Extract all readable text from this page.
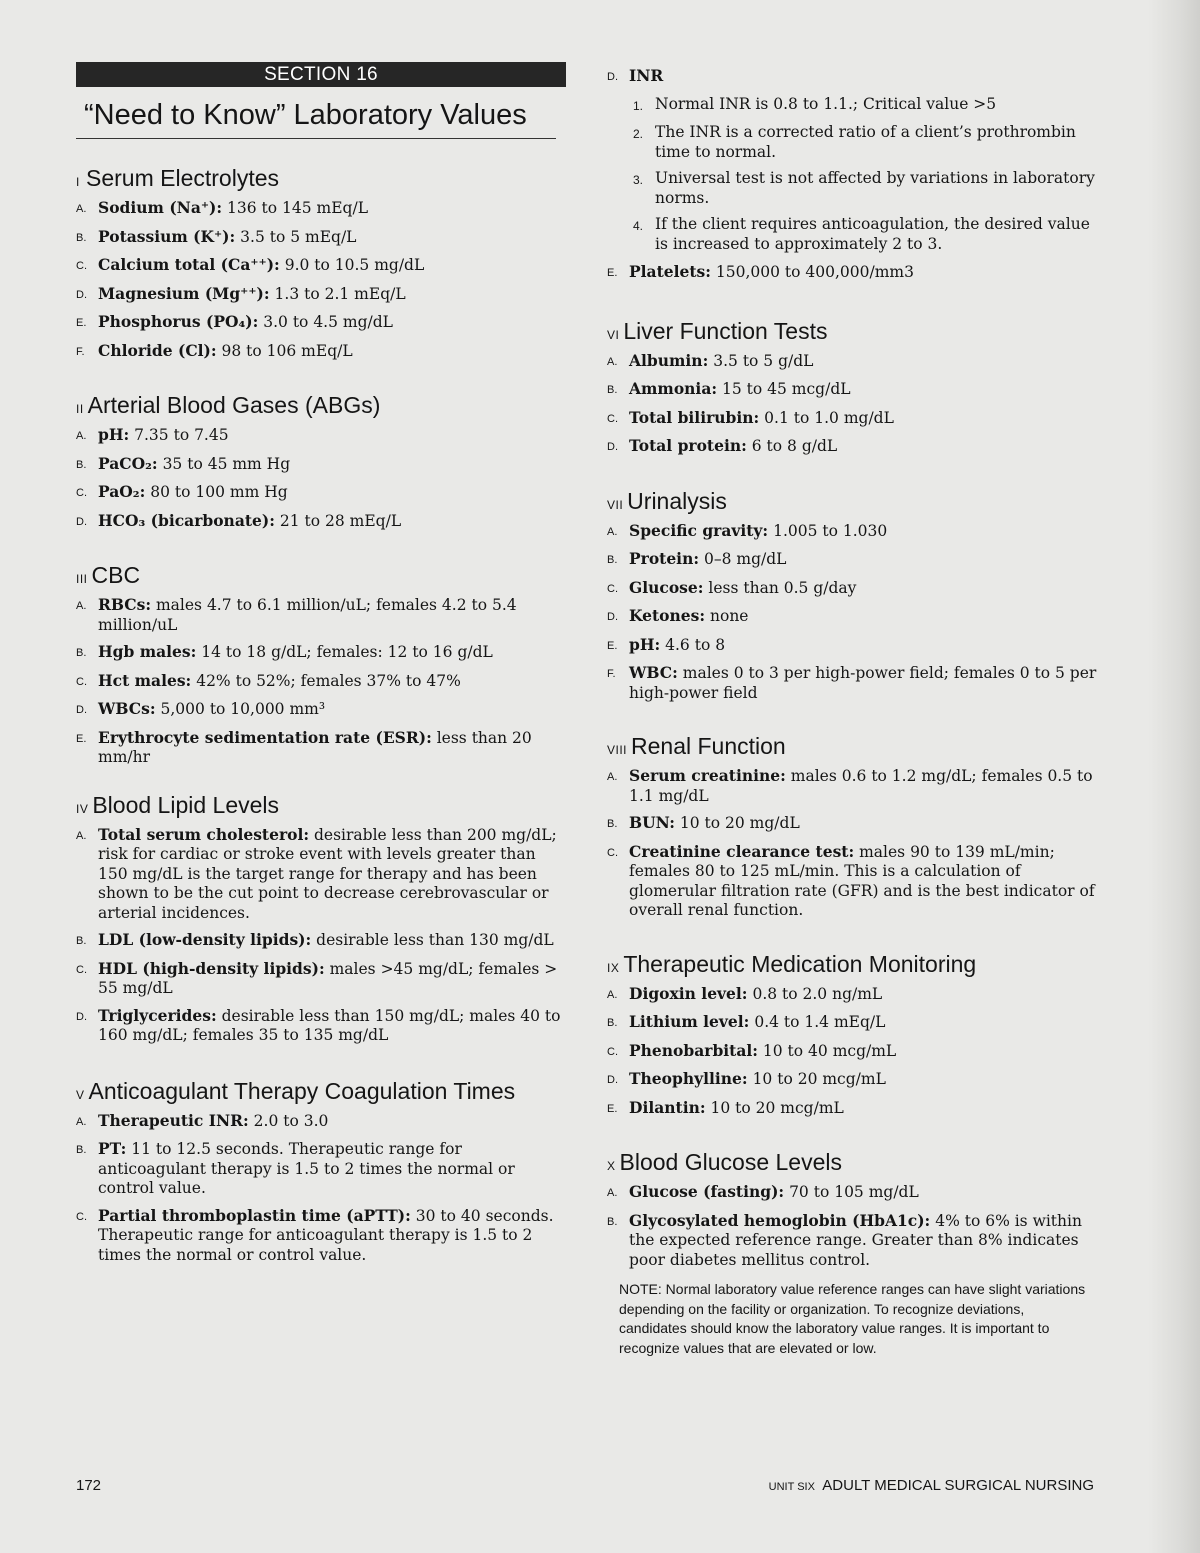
SECTION 16
“Need to Know” Laboratory Values
I Serum Electrolytes
A. Sodium (Na⁺): 136 to 145 mEq/L
B. Potassium (K⁺): 3.5 to 5 mEq/L
C. Calcium total (Ca⁺⁺): 9.0 to 10.5 mg/dL
D. Magnesium (Mg⁺⁺): 1.3 to 2.1 mEq/L
E. Phosphorus (PO₄): 3.0 to 4.5 mg/dL
F. Chloride (Cl): 98 to 106 mEq/L
II Arterial Blood Gases (ABGs)
A. pH: 7.35 to 7.45
B. PaCO₂: 35 to 45 mm Hg
C. PaO₂: 80 to 100 mm Hg
D. HCO₃ (bicarbonate): 21 to 28 mEq/L
III CBC
A. RBCs: males 4.7 to 6.1 million/uL; females 4.2 to 5.4 million/uL
B. Hgb males: 14 to 18 g/dL; females: 12 to 16 g/dL
C. Hct males: 42% to 52%; females 37% to 47%
D. WBCs: 5,000 to 10,000 mm³
E. Erythrocyte sedimentation rate (ESR): less than 20 mm/hr
IV Blood Lipid Levels
A. Total serum cholesterol: desirable less than 200 mg/dL; risk for cardiac or stroke event with levels greater than 150 mg/dL is the target range for therapy and has been shown to be the cut point to decrease cerebrovascular or arterial incidences.
B. LDL (low-density lipids): desirable less than 130 mg/dL
C. HDL (high-density lipids): males >45 mg/dL; females > 55 mg/dL
D. Triglycerides: desirable less than 150 mg/dL; males 40 to 160 mg/dL; females 35 to 135 mg/dL
V Anticoagulant Therapy Coagulation Times
A. Therapeutic INR: 2.0 to 3.0
B. PT: 11 to 12.5 seconds. Therapeutic range for anticoagulant therapy is 1.5 to 2 times the normal or control value.
C. Partial thromboplastin time (aPTT): 30 to 40 seconds. Therapeutic range for anticoagulant therapy is 1.5 to 2 times the normal or control value.
D. INR
1. Normal INR is 0.8 to 1.1.; Critical value >5
2. The INR is a corrected ratio of a client’s prothrombin time to normal.
3. Universal test is not affected by variations in laboratory norms.
4. If the client requires anticoagulation, the desired value is increased to approximately 2 to 3.
E. Platelets: 150,000 to 400,000/mm3
VI Liver Function Tests
A. Albumin: 3.5 to 5 g/dL
B. Ammonia: 15 to 45 mcg/dL
C. Total bilirubin: 0.1 to 1.0 mg/dL
D. Total protein: 6 to 8 g/dL
VII Urinalysis
A. Specific gravity: 1.005 to 1.030
B. Protein: 0–8 mg/dL
C. Glucose: less than 0.5 g/day
D. Ketones: none
E. pH: 4.6 to 8
F. WBC: males 0 to 3 per high-power field; females 0 to 5 per high-power field
VIII Renal Function
A. Serum creatinine: males 0.6 to 1.2 mg/dL; females 0.5 to 1.1 mg/dL
B. BUN: 10 to 20 mg/dL
C. Creatinine clearance test: males 90 to 139 mL/min; females 80 to 125 mL/min. This is a calculation of glomerular filtration rate (GFR) and is the best indicator of overall renal function.
IX Therapeutic Medication Monitoring
A. Digoxin level: 0.8 to 2.0 ng/mL
B. Lithium level: 0.4 to 1.4 mEq/L
C. Phenobarbital: 10 to 40 mcg/mL
D. Theophylline: 10 to 20 mcg/mL
E. Dilantin: 10 to 20 mcg/mL
X Blood Glucose Levels
A. Glucose (fasting): 70 to 105 mg/dL
B. Glycosylated hemoglobin (HbA1c): 4% to 6% is within the expected reference range. Greater than 8% indicates poor diabetes mellitus control.
NOTE: Normal laboratory value reference ranges can have slight variations depending on the facility or organization. To recognize deviations, candidates should know the laboratory value ranges. It is important to recognize values that are elevated or low.
172	UNIT SIX ADULT MEDICAL SURGICAL NURSING
